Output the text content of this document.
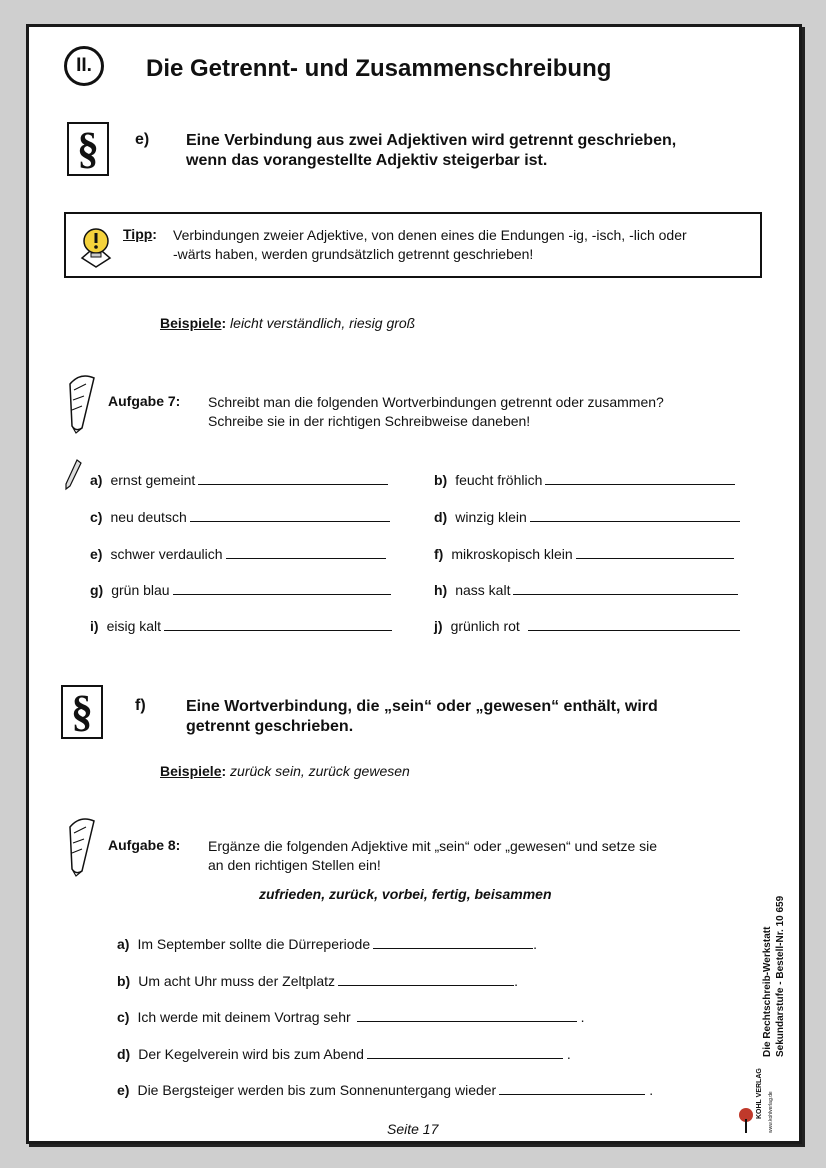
II.	Die Getrennt- und Zusammenschreibung
§	e) Eine Verbindung aus zwei Adjektiven wird getrennt geschrieben,
wenn das vorangestellte Adjektiv steigerbar ist.
Tipp: Verbindungen zweier Adjektive, von denen eines die Endungen -ig, -isch, -lich oder
-wärts haben, werden grundsätzlich getrennt geschrieben!
Beispiele: leicht verständlich, riesig groß
Aufgabe 7: Schreibt man die folgenden Wortverbindungen getrennt oder zusammen?
Schreibe sie in der richtigen Schreibweise daneben!
a) ernst gemeint	b) feucht fröhlich
c) neu deutsch	d) winzig klein
e) schwer verdaulich	f) mikroskopisch klein
g) grün blau	h) nass kalt
i) eisig kalt	j) grünlich rot
§	f)	Eine Wortverbindung, die „sein“ oder „gewesen“ enthält, wird
getrennt geschrieben.
Beispiele: zurück sein, zurück gewesen
Aufgabe 8: Ergänze die folgenden Adjektive mit „sein“ oder „gewesen“ und setze sie
an den richtigen Stellen ein!
zufrieden, zurück, vorbei, fertig, beisammen
a) Im September sollte die Dürreperiode	.
b) Um acht Uhr muss der Zeltplatz	.
c) Ich werde mit deinem Vortrag sehr	.
d) Der Kegelverein wird bis zum Abend	.
e) Die Bergsteiger werden bis zum Sonnenuntergang wieder	.
Seite 17
Die Rechtschreib-Werkstatt Sekundarstufe - Bestell-Nr. 10 659
KOHL VERLAG www.kohlverlag.de
